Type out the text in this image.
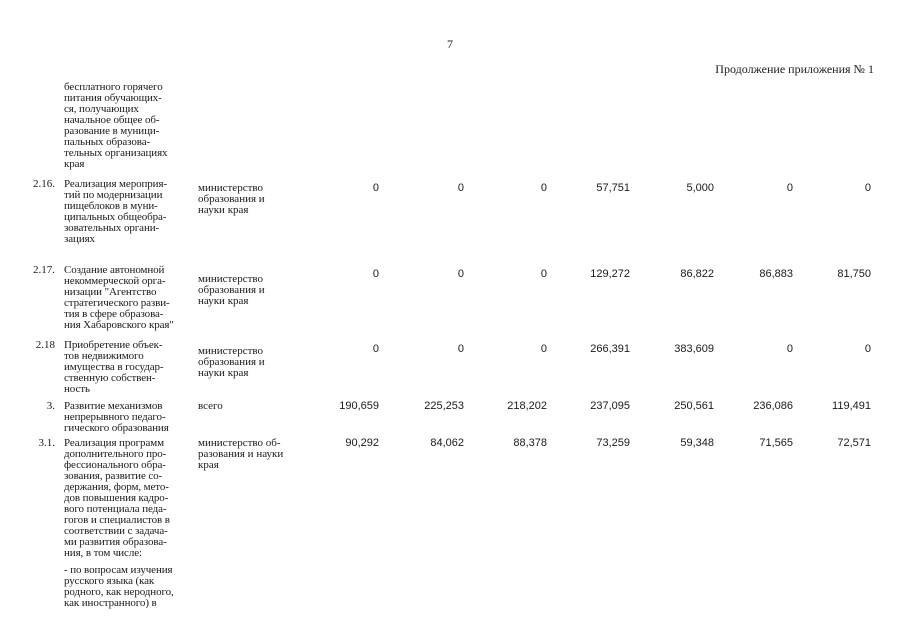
7
Продолжение приложения № 1
бесплатного горячего
питания обучающих-
ся, получающих
начальное общее об-
разование в муници-
пальных образова-
тельных организациях
края
2.16. Реализация мероприя-
тий по модернизации
пищеблоков в муни-
ципальных общеобра-
зовательных органи-
зациях
министерство
образования и
науки края
0	0	0	57,751	5,000	0	0
2.17. Создание автономной
некоммерческой орга-
низации "Агентство
стратегического разви-
тия в сфере образова-
ния Хабаровского края"
министерство
образования и
науки края
0	0	0	129,272	86,822	86,883	81,750
2.18 Приобретение объек-
тов недвижимого
имущества в государ-
ственную собствен-
ность
министерство
образования и
науки края
0	0	0	266,391	383,609	0	0
3. Развитие механизмов
непрерывного педаго-
гического образования
всего	190,659	225,253	218,202	237,095	250,561	236,086	119,491
3.1. Реализация программ
дополнительного про-
фессионального обра-
зования, развитие со-
держания, форм, мето-
дов повышения кадро-
вого потенциала педа-
гогов и специалистов в
соответствии с задача-
ми развития образова-
ния, в том числе:
министерство об-
разования и науки
края
90,292	84,062	88,378	73,259	59,348	71,565	72,571
- по вопросам изучения
русского языка (как
родного, как неродного,
как иностранного) в
